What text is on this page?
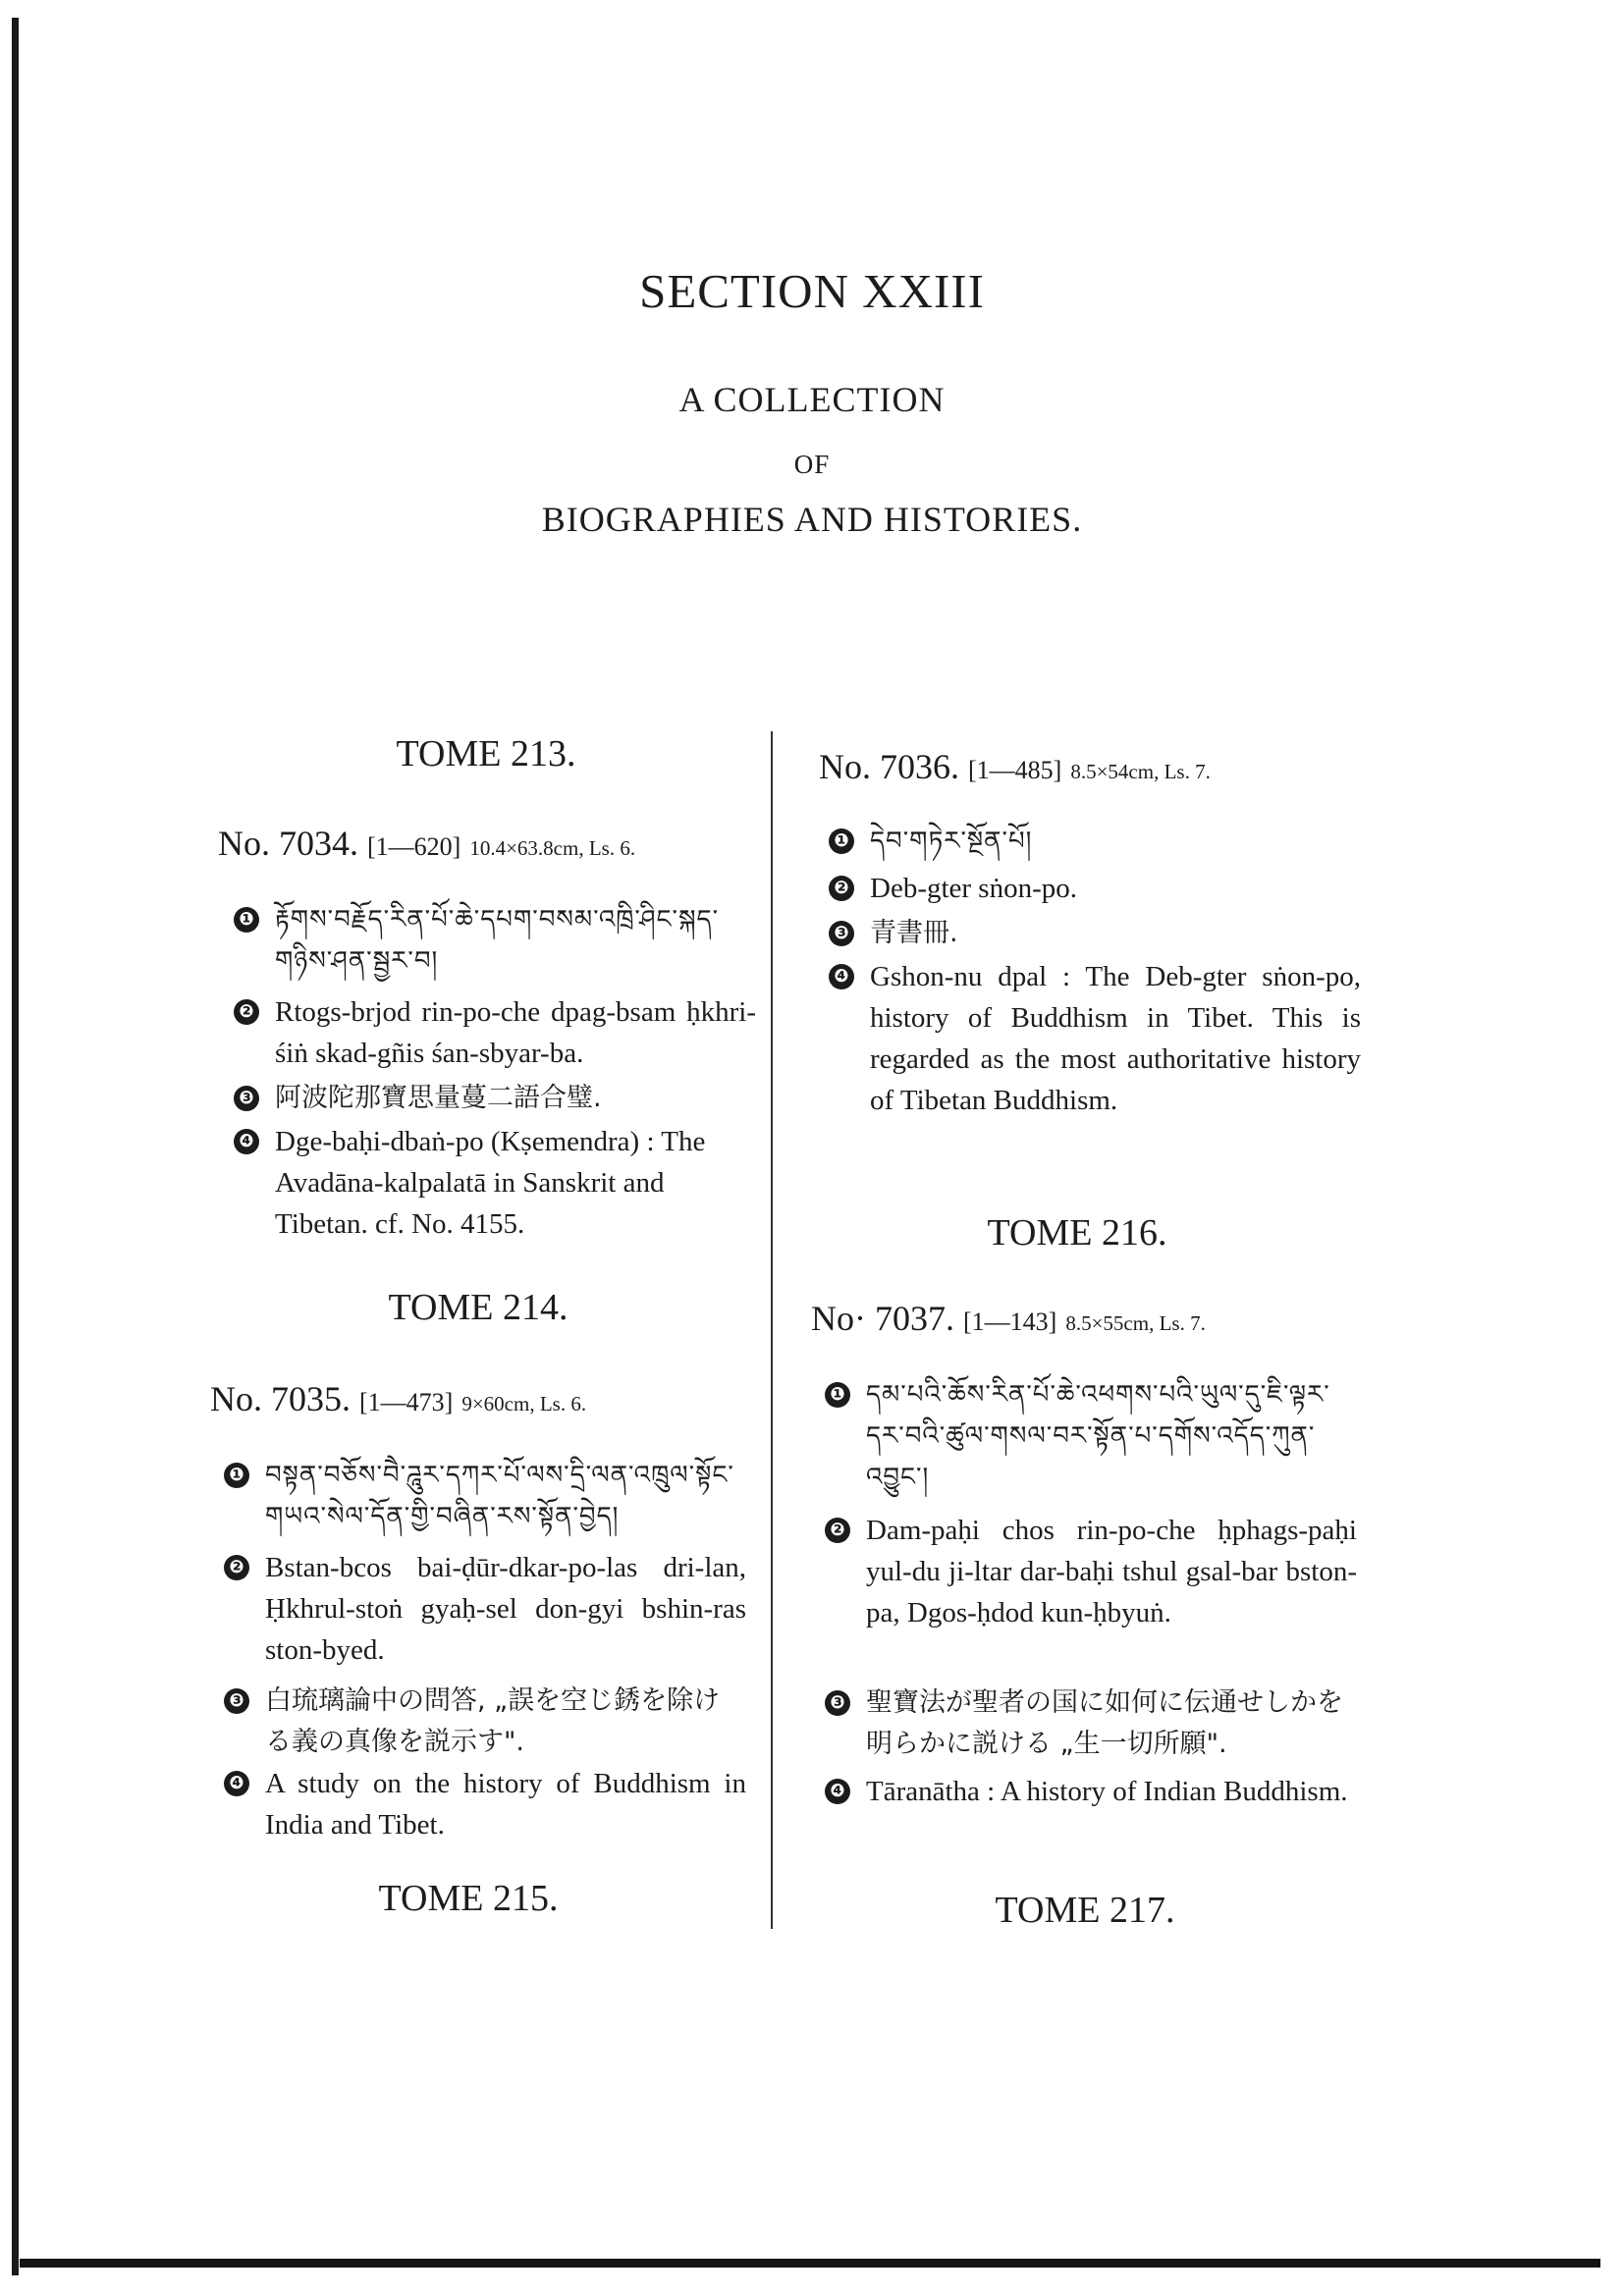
SECTION XXIII
A COLLECTION
OF
BIOGRAPHIES AND HISTORIES.
TOME 213.
No. 7034. [1—620] 10.4×63.8cm, Ls. 6.
❶ རྟོགས་བརྗོད་རིན་པོ་ཆེ་དཔག་བསམ་འཁྲི་ཤིང་སྐད་གཉིས་ཤན་སྦྱར་བ།
❷ Rtogs-brjod rin-po-che dpag-bsam ḥkhri-śiṅ skad-gñis śan-sbyar-ba.
❸ 阿波陀那寶思量蔓二語合璧.
❹ Dge-baḥi-dbaṅ-po (Kṣemendra) : The Avadāna-kalpalatā in Sanskrit and Tibetan. cf. No. 4155.
TOME 214.
No. 7035. [1—473] 9×60cm, Ls. 6.
❶ བསྟན་བཅོས་བཻ་ཌཱུར་དཀར་པོ་ལས་དྲི་ལན་འཁྲུལ་སྟོང་གཡའ་སེལ་དོན་གྱི་བཞིན་རས་སྟོན་བྱེད།
❷ Bstan-bcos bai-ḍūr-dkar-po-las dri-lan, Ḥkhrul-stoṅ gyaḥ-sel don-gyi bshin-ras ston-byed.
❸ 白琉璃論中の問答, „誤を空じ銹を除ける義の真像を説示す".
❹ A study on the history of Buddhism in India and Tibet.
TOME 215.
No. 7036. [1—485] 8.5×54cm, Ls. 7.
❶ དེབ་གཏེར་སྔོན་པོ།
❷ Deb-gter sṅon-po.
❸ 青書冊.
❹ Gshon-nu dpal : The Deb-gter sṅon-po, history of Buddhism in Tibet. This is regarded as the most authoritative history of Tibetan Buddhism.
TOME 216.
No· 7037. [1—143] 8.5×55cm, Ls. 7.
❶ དམ་པའི་ཆོས་རིན་པོ་ཆེ་འཕགས་པའི་ཡུལ་དུ་ཇི་ལྟར་དར་བའི་ཚུལ་གསལ་བར་སྟོན་པ་དགོས་འདོད་ཀུན་འབྱུང་།
❷ Dam-paḥi chos rin-po-che ḥphags-paḥi yul-du ji-ltar dar-baḥi tshul gsal-bar bston-pa, Dgos-ḥdod kun-ḥbyuṅ.
❸ 聖寶法が聖者の国に如何に伝通せしかを明らかに説ける „生一切所願".
❹ Tāranātha : A history of Indian Buddhism.
TOME 217.
